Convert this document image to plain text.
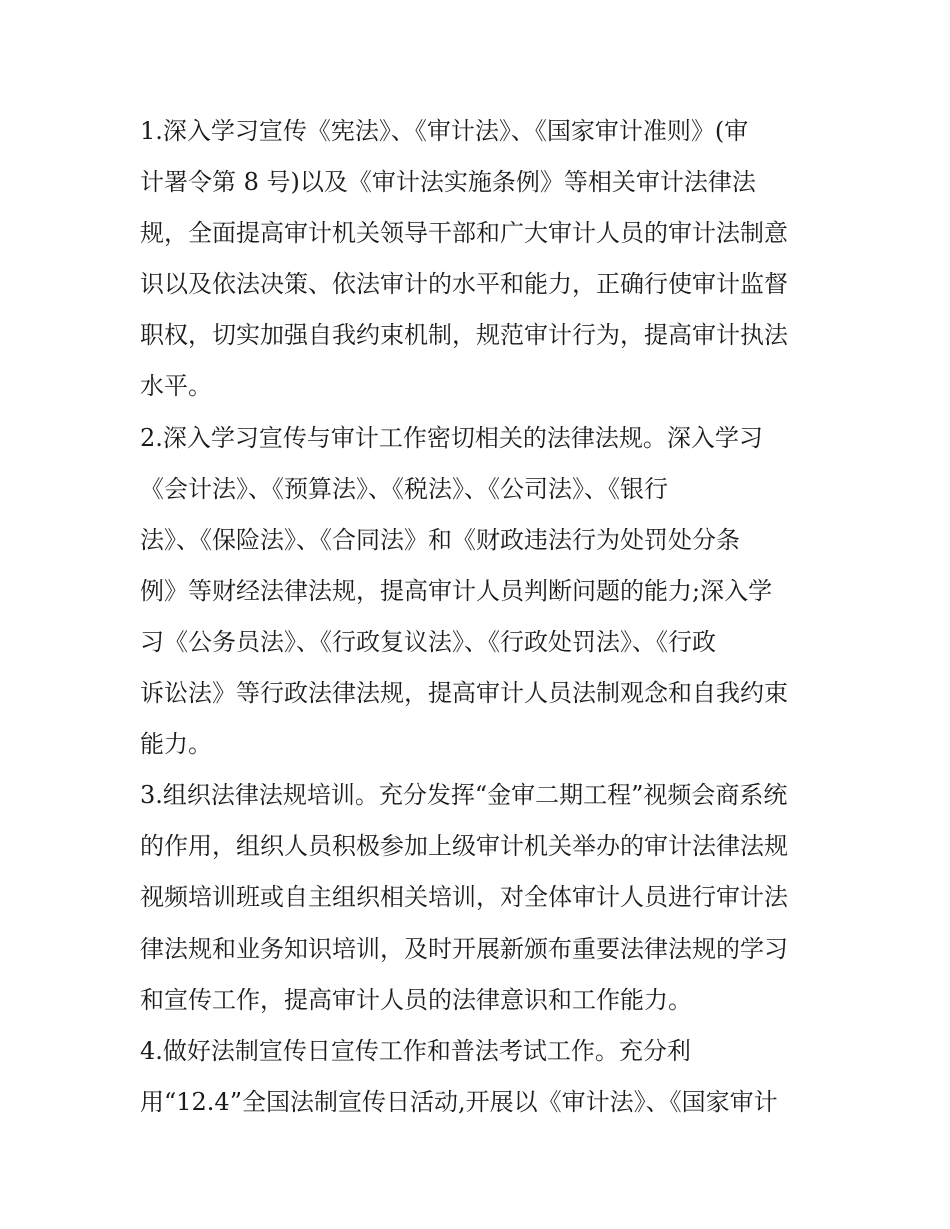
1.深入学习宣传《宪法》、《审计法》、《国家审计准则》(审
计署令第 8 号)以及《审计法实施条例》等相关审计法律法
规，全面提高审计机关领导干部和广大审计人员的审计法制意
识以及依法决策、依法审计的水平和能力，正确行使审计监督
职权，切实加强自我约束机制，规范审计行为，提高审计执法
水平。
2.深入学习宣传与审计工作密切相关的法律法规。深入学习
《会计法》、《预算法》、《税法》、《公司法》、《银行
法》、《保险法》、《合同法》和《财政违法行为处罚处分条
例》等财经法律法规，提高审计人员判断问题的能力;深入学
习《公务员法》、《行政复议法》、《行政处罚法》、《行政
诉讼法》等行政法律法规，提高审计人员法制观念和自我约束
能力。
3.组织法律法规培训。充分发挥“金审二期工程”视频会商系统
的作用，组织人员积极参加上级审计机关举办的审计法律法规
视频培训班或自主组织相关培训，对全体审计人员进行审计法
律法规和业务知识培训，及时开展新颁布重要法律法规的学习
和宣传工作，提高审计人员的法律意识和工作能力。
4.做好法制宣传日宣传工作和普法考试工作。充分利
用“12.4”全国法制宣传日活动,开展以《审计法》、《国家审计
